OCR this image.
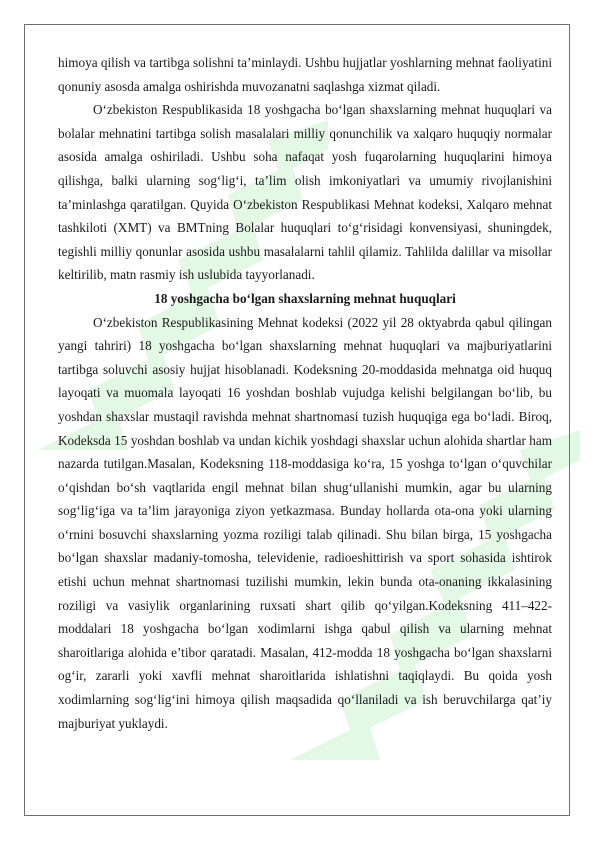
himoya qilish va tartibga solishni ta’minlaydi. Ushbu hujjatlar yoshlarning mehnat faoliyatini qonuniy asosda amalga oshirishda muvozanatni saqlashga xizmat qiladi.

O‘zbekiston Respublikasida 18 yoshgacha bo‘lgan shaxslarning mehnat huquqlari va bolalar mehnatini tartibga solish masalalari milliy qonunchilik va xalqaro huquqiy normalar asosida amalga oshiriladi. Ushbu soha nafaqat yosh fuqarolarning huquqlarini himoya qilishga, balki ularning sog‘lig‘i, ta’lim olish imkoniyatlari va umumiy rivojlanishini ta’minlashga qaratilgan. Quyida O‘zbekiston Respublikasi Mehnat kodeksi, Xalqaro mehnat tashkiloti (XMT) va BMTning Bolalar huquqlari to‘g‘risidagi konvensiyasi, shuningdek, tegishli milliy qonunlar asosida ushbu masalalarni tahlil qilamiz. Tahlilda dalillar va misollar keltirilib, matn rasmiy ish uslubida tayyorlanadi.

18 yoshgacha bo‘lgan shaxslarning mehnat huquqlari

O‘zbekiston Respublikasining Mehnat kodeksi (2022 yil 28 oktyabrda qabul qilingan yangi tahriri) 18 yoshgacha bo‘lgan shaxslarning mehnat huquqlari va majburiyatlarini tartibga soluvchi asosiy hujjat hisoblanadi. Kodeksning 20-moddasida mehnatga oid huquq layoqati va muomala layoqati 16 yoshdan boshlab vujudga kelishi belgilangan bo‘lib, bu yoshdan shaxslar mustaqil ravishda mehnat shartnomasi tuzish huquqiga ega bo‘ladi. Biroq, Kodeksda 15 yoshdan boshlab va undan kichik yoshdagi shaxslar uchun alohida shartlar ham nazarda tutilgan.Masalan, Kodeksning 118-moddasiga ko‘ra, 15 yoshga to‘lgan o‘quvchilar o‘qishdan bo‘sh vaqtlarida engil mehnat bilan shug‘ullanishi mumkin, agar bu ularning sog‘lig‘iga va ta’lim jarayoniga ziyon yetkazmasa. Bunday hollarda ota-ona yoki ularning o‘rnini bosuvchi shaxslarning yozma roziligi talab qilinadi. Shu bilan birga, 15 yoshgacha bo‘lgan shaxslar madaniy-tomosha, televidenie, radioeshittirish va sport sohasida ishtirok etishi uchun mehnat shartnomasi tuzilishi mumkin, lekin bunda ota-onaning ikkalasining roziligi va vasiylik organlarining ruxsati shart qilib qo‘yilgan.Kodeksning 411–422-moddalari 18 yoshgacha bo‘lgan xodimlarni ishga qabul qilish va ularning mehnat sharoitlariga alohida e’tibor qaratadi. Masalan, 412-modda 18 yoshgacha bo‘lgan shaxslarni og‘ir, zararli yoki xavfli mehnat sharoitlarida ishlatishni taqiqlaydi. Bu qoida yosh xodimlarning sog‘lig‘ini himoya qilish maqsadida qo‘llaniladi va ish beruvchilarga qat’iy majburiyat yuklaydi.
